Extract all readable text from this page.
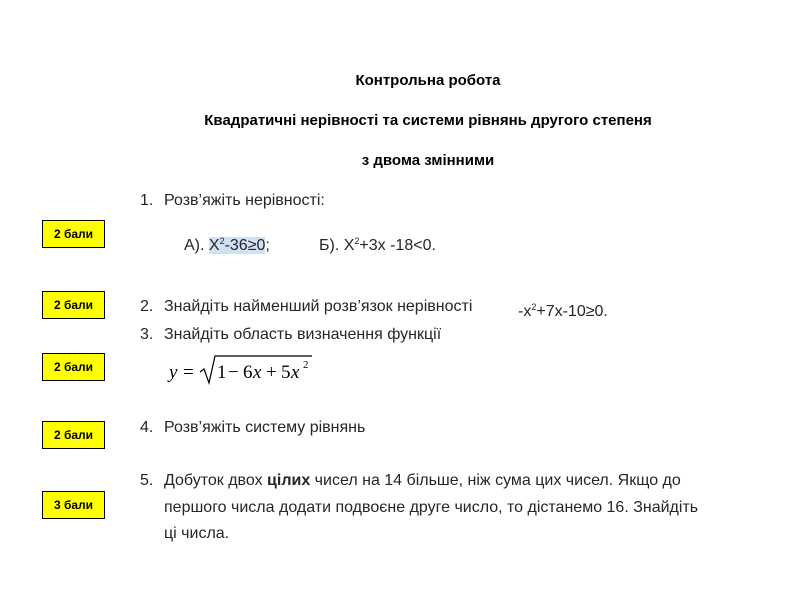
Контрольна робота
Квадратичні нерівності та системи рівнянь другого степеня
з двома змінними
2 бали
2 бали
2 бали
2 бали
3 бали
1. Розв’яжіть нерівності:
А). $Х^2-36\ge 0$;	Б). $Х^2+3х$ -18<0.
2. Знайдіть найменший розв’язок нерівності	$-х^2+7х-10\ge 0$.
3. Знайдіть область визначення функції
y = 1 − 6 x + 5 x 2
4. Розв’яжіть систему рівнянь
5. Добуток двох цілих чисел на 14 більше, ніж сума цих чисел. Якщо до
першого числа додати подвоєне друге число, то дістанемо 16. Знайдіть
ці числа.
